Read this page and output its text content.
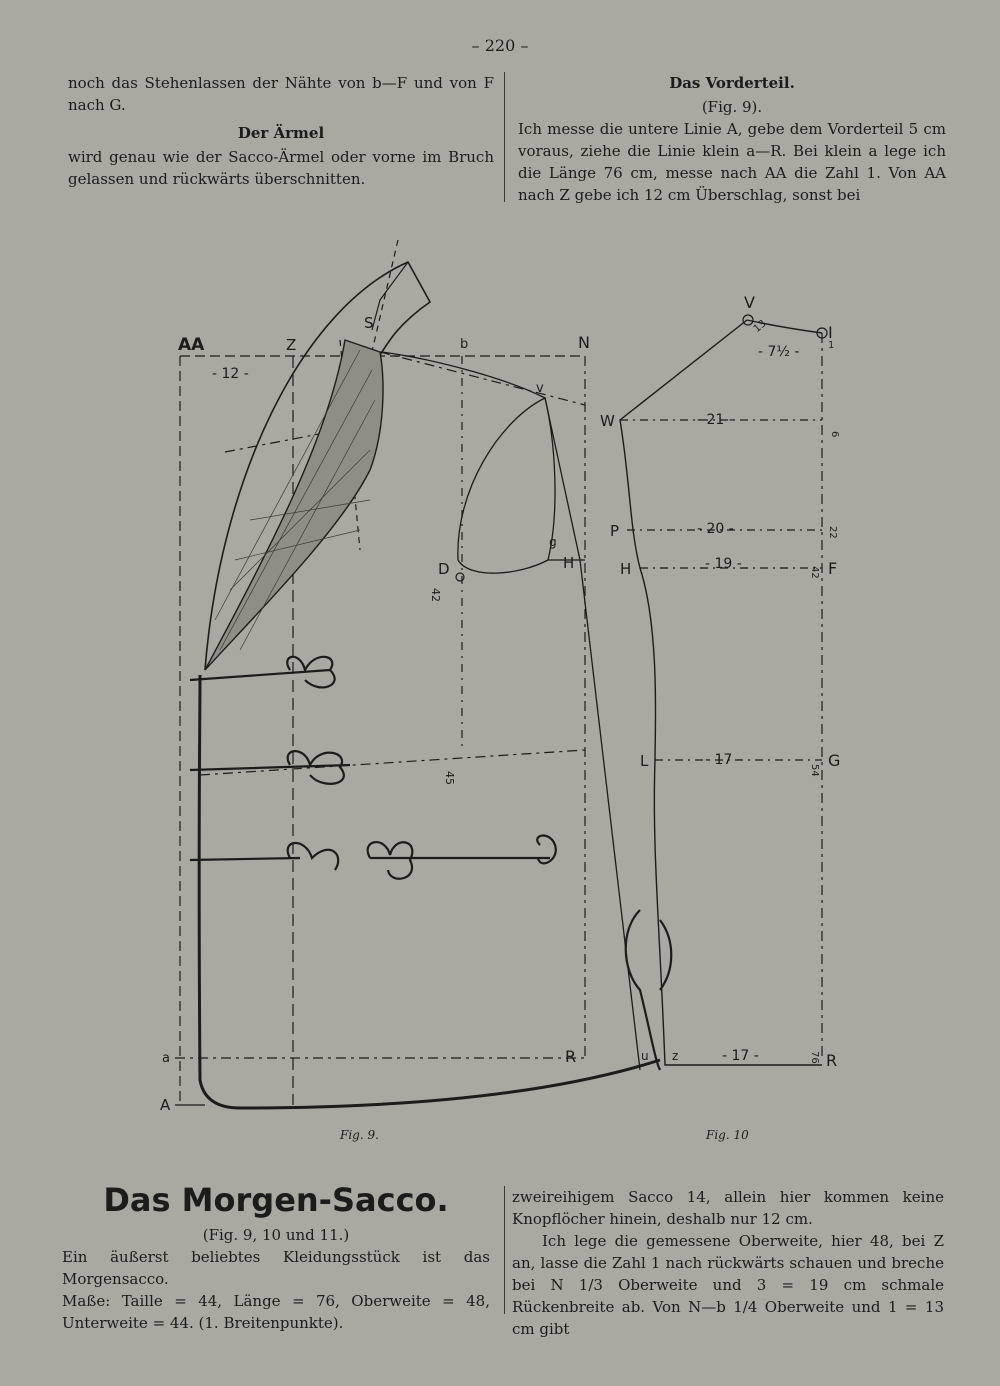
– 220 –

noch das Stehenlassen der Nähte von b—F und von F nach G.

Der Ärmel

wird genau wie der Sacco-Ärmel oder vorne im Bruch gelassen und rückwärts überschnitten.

Das Vorderteil.
(Fig. 9).

Ich messe die untere Linie A, gebe dem Vorderteil 5 cm voraus, ziehe die Linie klein a—R. Bei klein a lege ich die Länge 76 cm, messe nach AA die Zahl 1. Von AA nach Z gebe ich 12 cm Überschlag, sonst bei

AA	Z
S
b	N
v
D	H
g
a	R
A
- 12 -
42
45
u z
V
I
W
P
H	F
L	G
R
- 7½ -
- 21 -
- 20 -
- 19 -
- 17 -
- 17 -
6
13
22
42
54
76
1
Fig. 9.	Fig. 10
Das Morgen-Sacco.
(Fig. 9, 10 und 11.)

Ein äußerst beliebtes Kleidungsstück ist das Morgensacco.

Maße: Taille = 44, Länge = 76, Oberweite = 48, Unterweite = 44. (1. Breitenpunkte).

zweireihigem Sacco 14, allein hier kommen keine Knopflöcher hinein, deshalb nur 12 cm.

Ich lege die gemessene Oberweite, hier 48, bei Z an, lasse die Zahl 1 nach rückwärts schauen und breche bei N 1/3 Oberweite und 3 = 19 cm schmale Rückenbreite ab. Von N—b 1/4 Oberweite und 1 = 13 cm gibt
